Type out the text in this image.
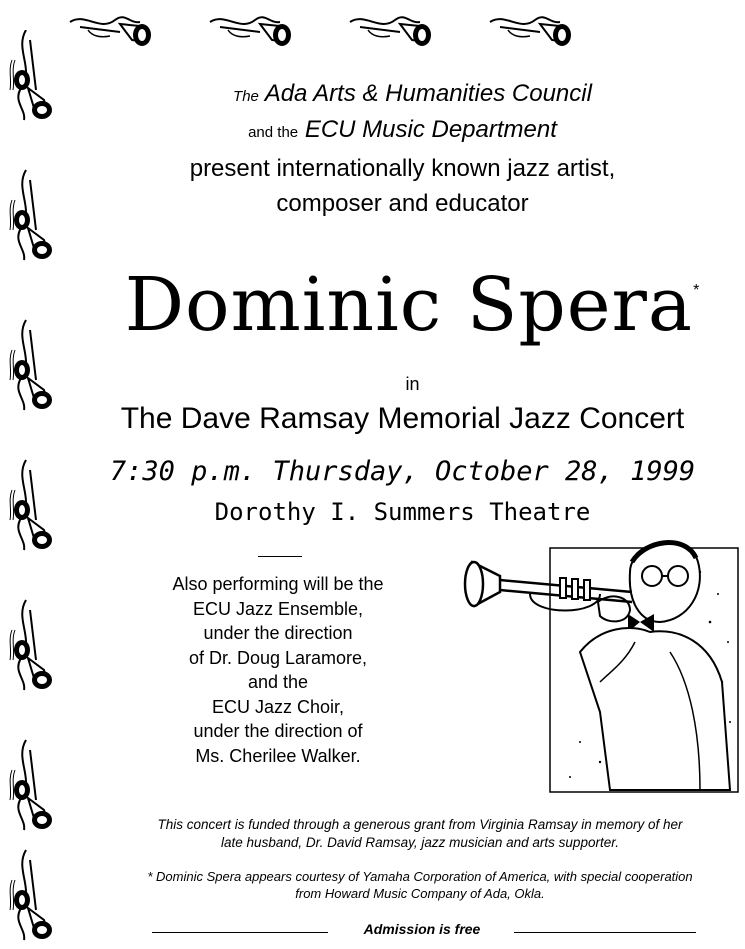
The Ada Arts & Humanities Council
and the ECU Music Department
present internationally known jazz artist,
composer and educator
Dominic Spera*
in
The Dave Ramsay Memorial Jazz Concert
7:30 p.m. Thursday, October 28, 1999
Dorothy I. Summers Theatre
Also performing will be the
ECU Jazz Ensemble,
under the direction
of Dr. Doug Laramore,
and the
ECU Jazz Choir,
under the direction of
Ms. Cherilee Walker.
This concert is funded through a generous grant from Virginia Ramsay in memory of her
late husband, Dr. David Ramsay, jazz musician and arts supporter.
* Dominic Spera appears courtesy of Yamaha Corporation of America, with special cooperation
from Howard Music Company of Ada, Okla.
Admission is free
